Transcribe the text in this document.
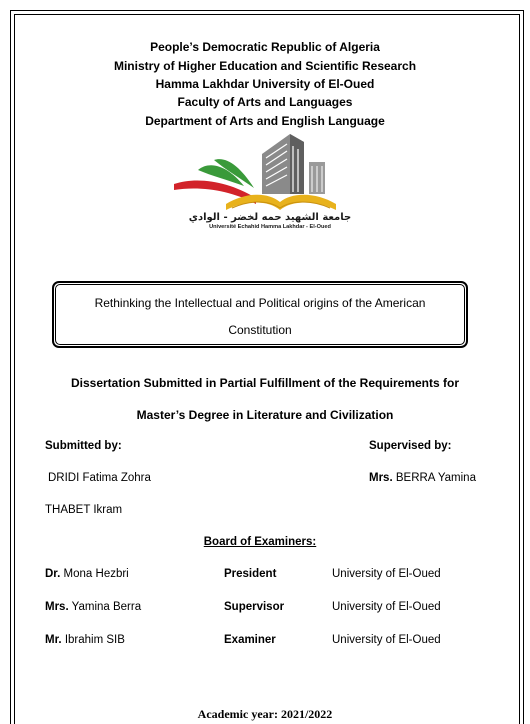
People’s Democratic Republic of Algeria
Ministry of Higher Education and Scientific Research
Hamma Lakhdar University of El-Oued
Faculty of Arts and Languages
Department of Arts and English Language
جامعة الشهيد حمه لخضر - الوادي
Université Echahid Hamma Lakhdar - El-Oued
Rethinking the Intellectual and Political origins of the American
Constitution
Dissertation Submitted in Partial Fulfillment of the Requirements for
Master’s Degree in Literature and Civilization
Submitted by:	Supervised by:
DRIDI Fatima Zohra	Mrs. BERRA Yamina
THABET Ikram
Board of Examiners:
Dr. Mona Hezbri	President	University of El-Oued
Mrs. Yamina Berra	Supervisor	University of El-Oued
Mr. Ibrahim SIB	Examiner	University of El-Oued
Academic year: 2021/2022
